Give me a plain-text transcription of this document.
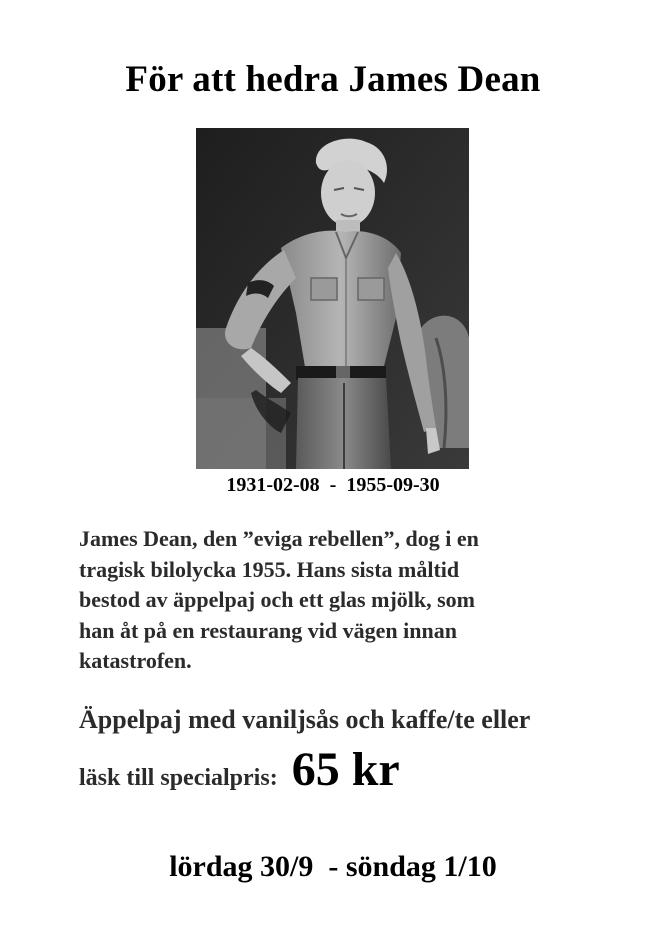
För att hedra James Dean
1931-02-08  -  1955-09-30
James Dean, den ”eviga rebellen”, dog i en
tragisk bilolycka 1955. Hans sista måltid
bestod av äppelpaj och ett glas mjölk, som
han åt på en restaurang vid vägen innan
katastrofen.
Äppelpaj med vaniljsås och kaffe/te eller
läsk till specialpris: 65 kr
lördag 30/9  - söndag 1/10
